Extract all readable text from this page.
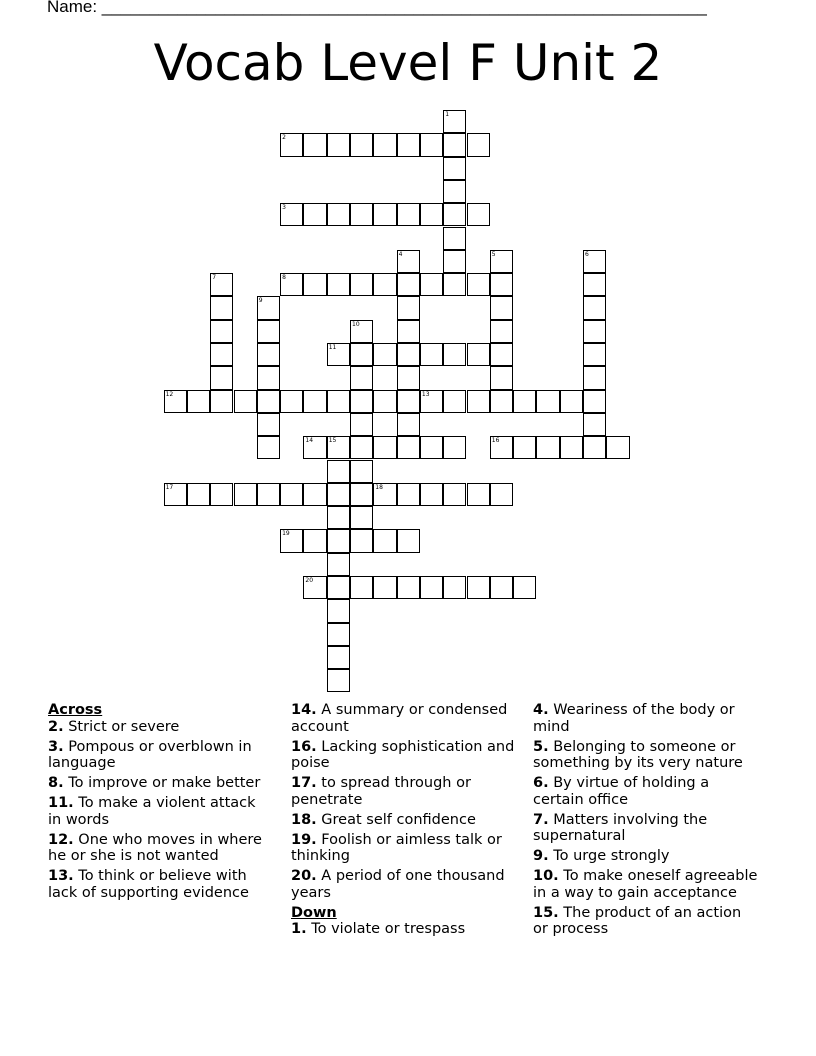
Name: ________________________________________________________________
Vocab Level F Unit 2
1
2
3
4	5	6
7	8
9
10
11
12	13
14	15	16
17	18
19
20
Across
2. Strict or severe
3. Pompous or overblown in language
8. To improve or make better
11. To make a violent attack in words
12. One who moves in where he or she is not wanted
13. To think or believe with lack of supporting evidence
14. A summary or condensed account
16. Lacking sophistication and poise
17. to spread through or penetrate
18. Great self confidence
19. Foolish or aimless talk or thinking
20. A period of one thousand years
Down
1. To violate or trespass
4. Weariness of the body or mind
5. Belonging to someone or something by its very nature
6. By virtue of holding a certain office
7. Matters involving the supernatural
9. To urge strongly
10. To make oneself agreeable in a way to gain acceptance
15. The product of an action or process
